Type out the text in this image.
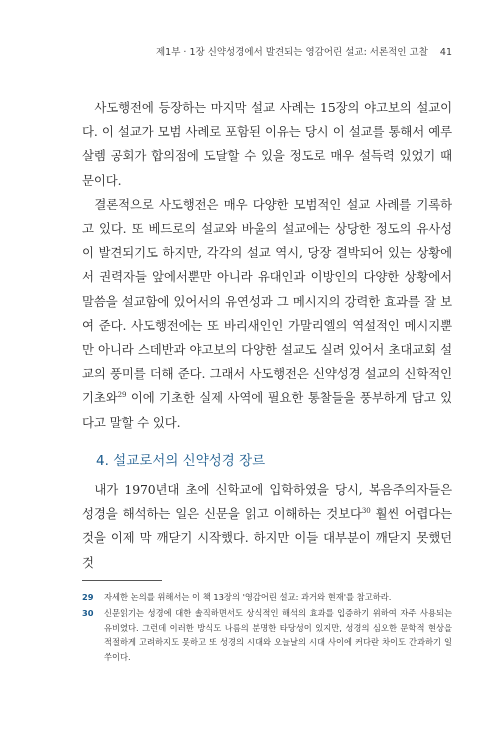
제1부 · 1장 신약성경에서 발견되는 영감어린 설교: 서론적인 고찰 41

사도행전에 등장하는 마지막 설교 사례는 15장의 야고보의 설교이다. 이 설교가 모범 사례로 포함된 이유는 당시 이 설교를 통해서 예루살렘 공회가 합의점에 도달할 수 있을 정도로 매우 설득력 있었기 때문이다.

결론적으로 사도행전은 매우 다양한 모범적인 설교 사례를 기록하고 있다. 또 베드로의 설교와 바울의 설교에는 상당한 정도의 유사성이 발견되기도 하지만, 각각의 설교 역시, 당장 결박되어 있는 상황에서 권력자들 앞에서뿐만 아니라 유대인과 이방인의 다양한 상황에서 말씀을 설교함에 있어서의 유연성과 그 메시지의 강력한 효과를 잘 보여 준다. 사도행전에는 또 바리새인인 가말리엘의 역설적인 메시지뿐만 아니라 스데반과 야고보의 다양한 설교도 실려 있어서 초대교회 설교의 풍미를 더해 준다. 그래서 사도행전은 신약성경 설교의 신학적인 기초와$^{29}$ 이에 기초한 실제 사역에 필요한 통찰들을 풍부하게 담고 있다고 말할 수 있다.

4. 설교로서의 신약성경 장르

내가 1970년대 초에 신학교에 입학하였을 당시, 복음주의자들은 성경을 해석하는 일은 신문을 읽고 이해하는 것보다$^{30}$ 훨씬 어렵다는 것을 이제 막 깨닫기 시작했다. 하지만 이들 대부분이 깨닫지 못했던 것

29	자세한 논의를 위해서는 이 책 13장의 '영감어린 설교: 과거와 현재'를 참고하라.
30	신문읽기는 성경에 대한 솔직하면서도 상식적인 해석의 효과를 입증하기 위하여 자주 사용되는 유비였다. 그런데 이러한 방식도 나름의 분명한 타당성이 있지만, 성경의 심오한 문학적 현상을 적절하게 고려하지도 못하고 또 성경의 시대와 오늘날의 시대 사이에 커다란 차이도 간과하기 일쑤이다.
